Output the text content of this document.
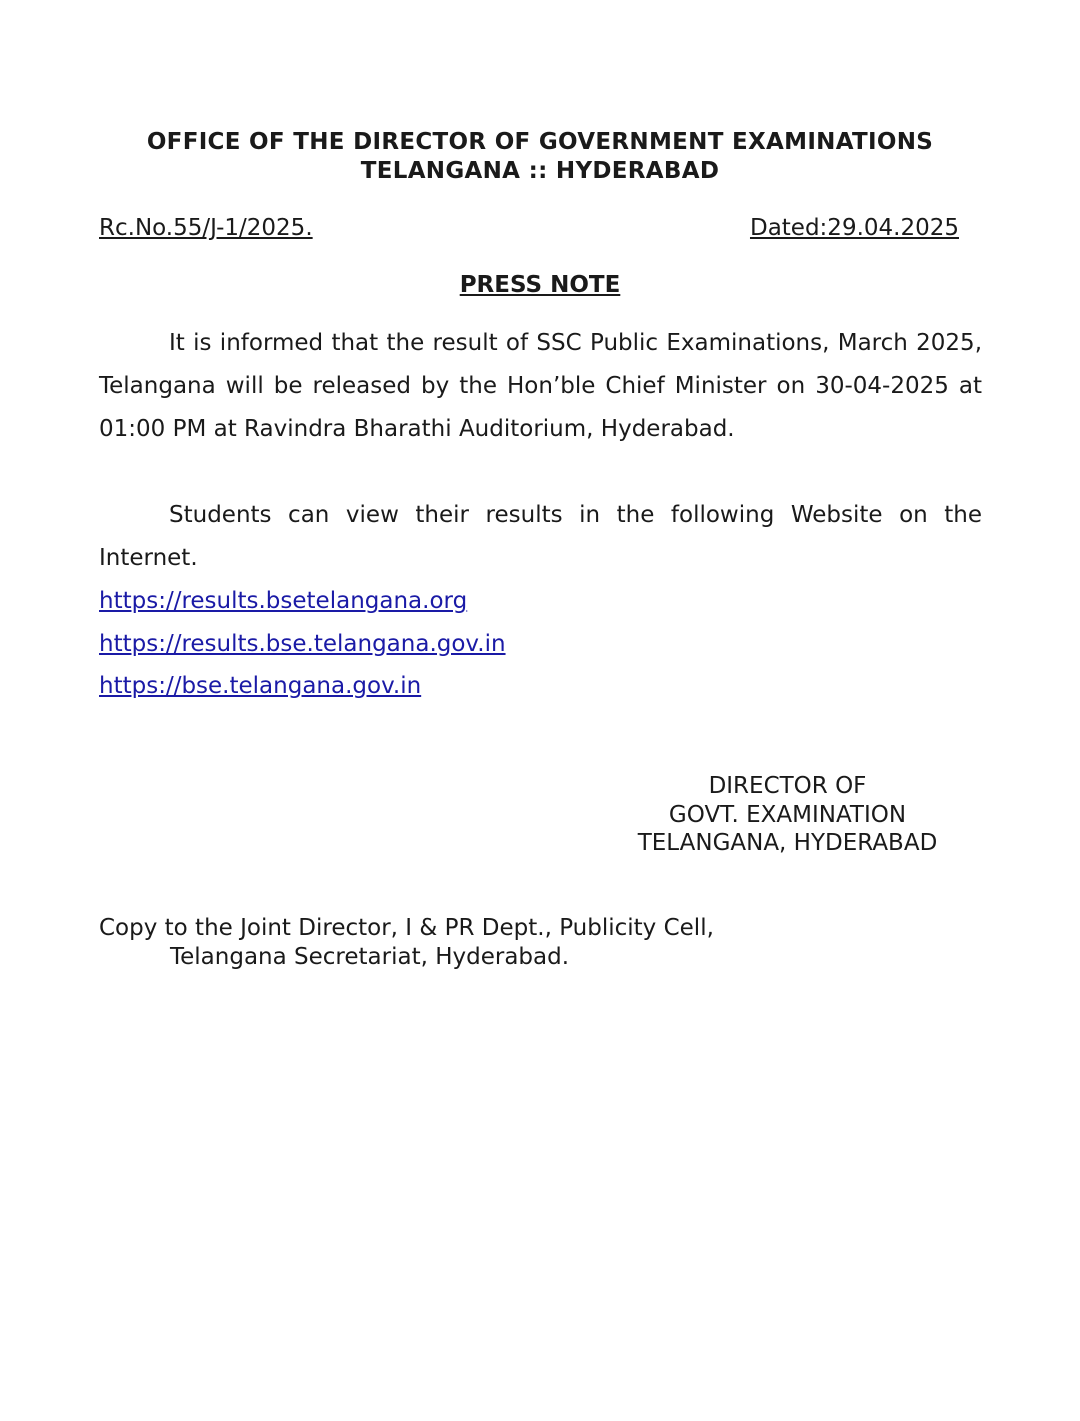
OFFICE OF THE DIRECTOR OF GOVERNMENT EXAMINATIONS
TELANGANA :: HYDERABAD
Rc.No.55/J-1/2025.	Dated:29.04.2025
PRESS NOTE
It is informed that the result of SSC Public Examinations, March 2025, Telangana will be released by the Hon’ble Chief Minister on 30-04-2025 at 01:00 PM at Ravindra Bharathi Auditorium, Hyderabad.
Students can view their results in the following Website on the Internet.
https://results.bsetelangana.org
https://results.bse.telangana.gov.in
https://bse.telangana.gov.in
DIRECTOR OF
GOVT. EXAMINATION
TELANGANA, HYDERABAD
Copy to the Joint Director, I & PR Dept., Publicity Cell,
Telangana Secretariat, Hyderabad.
